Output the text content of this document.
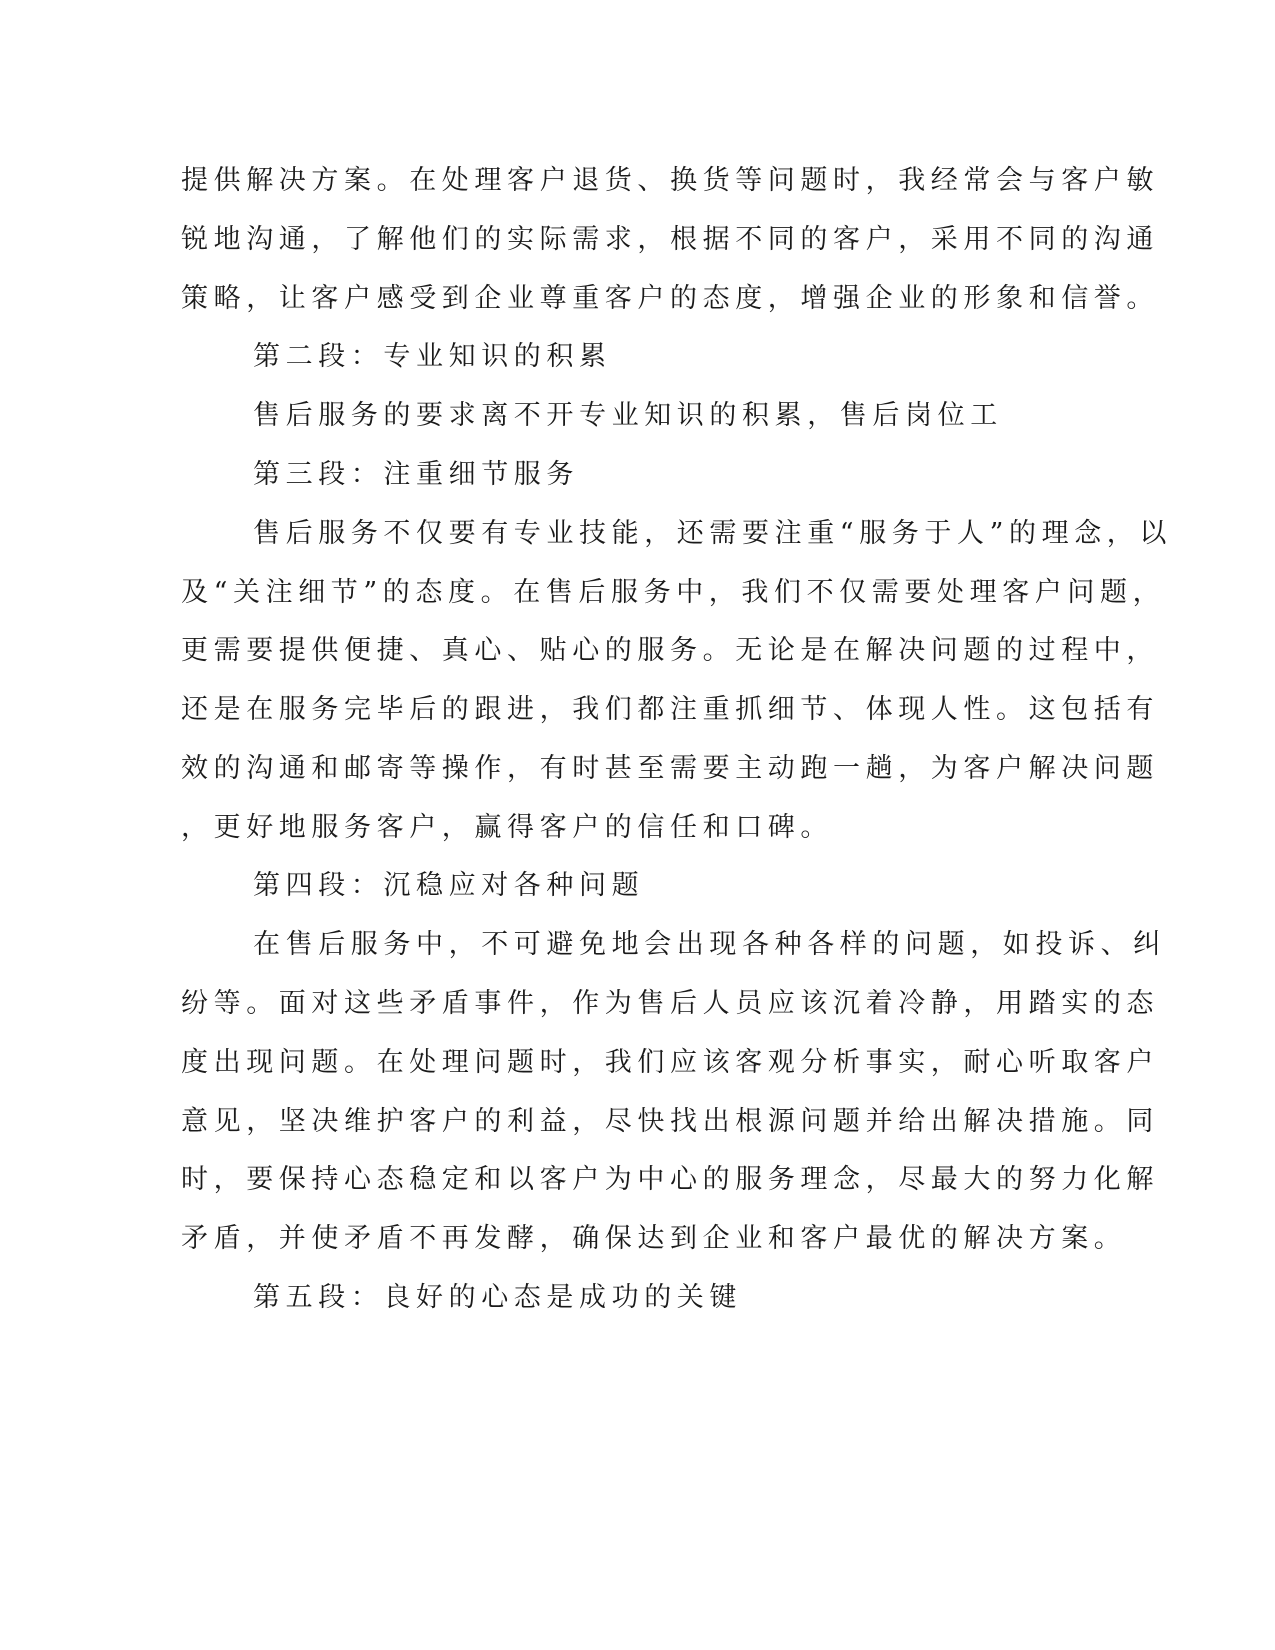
提供解决方案。在处理客户退货、换货等问题时，我经常会与客户敏
锐地沟通，了解他们的实际需求，根据不同的客户，采用不同的沟通
策略，让客户感受到企业尊重客户的态度，增强企业的形象和信誉。
第二段：专业知识的积累
售后服务的要求离不开专业知识的积累，售后岗位工
第三段：注重细节服务
售后服务不仅要有专业技能，还需要注重“服务于人”的理念，以
及“关注细节”的态度。在售后服务中，我们不仅需要处理客户问题，
更需要提供便捷、真心、贴心的服务。无论是在解决问题的过程中，
还是在服务完毕后的跟进，我们都注重抓细节、体现人性。这包括有
效的沟通和邮寄等操作，有时甚至需要主动跑一趟，为客户解决问题
，更好地服务客户，赢得客户的信任和口碑。
第四段：沉稳应对各种问题
在售后服务中，不可避免地会出现各种各样的问题，如投诉、纠
纷等。面对这些矛盾事件，作为售后人员应该沉着冷静，用踏实的态
度出现问题。在处理问题时，我们应该客观分析事实，耐心听取客户
意见，坚决维护客户的利益，尽快找出根源问题并给出解决措施。同
时，要保持心态稳定和以客户为中心的服务理念，尽最大的努力化解
矛盾，并使矛盾不再发酵，确保达到企业和客户最优的解决方案。
第五段：良好的心态是成功的关键
